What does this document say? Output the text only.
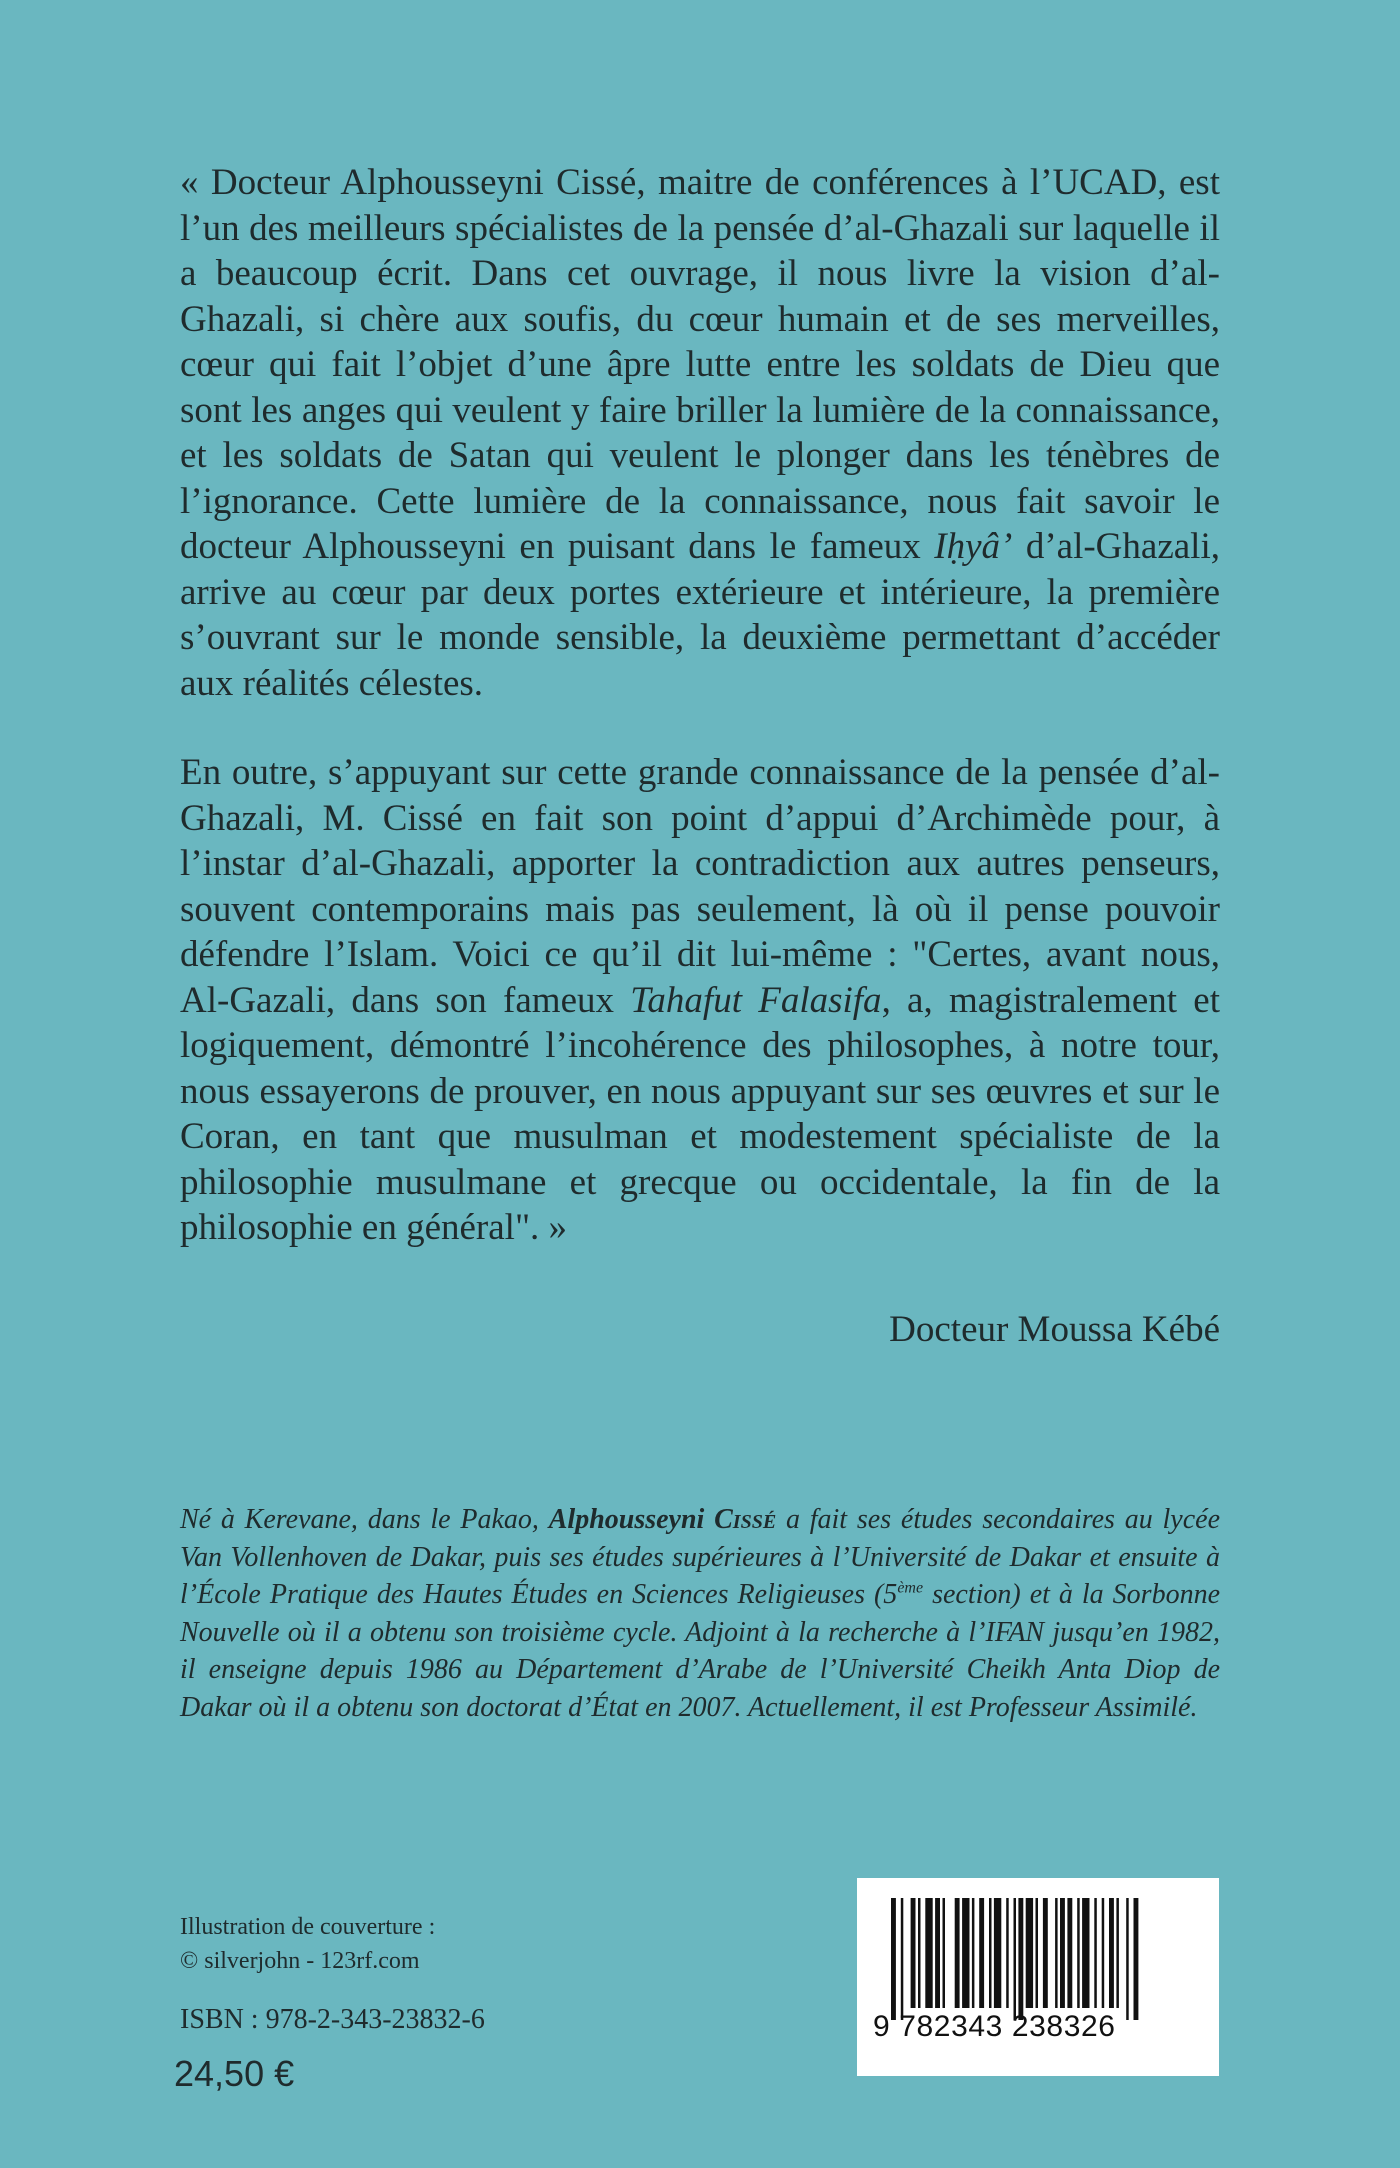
« Docteur Alphousseyni Cissé, maitre de conférences à l’UCAD, est l’un des meilleurs spécialistes de la pensée d’al-Ghazali sur laquelle il a beaucoup écrit. Dans cet ouvrage, il nous livre la vision d’al-Ghazali, si chère aux soufis, du cœur humain et de ses merveilles, cœur qui fait l’objet d’une âpre lutte entre les soldats de Dieu que sont les anges qui veulent y faire briller la lumière de la connaissance, et les soldats de Satan qui veulent le plonger dans les ténèbres de l’ignorance. Cette lumière de la connaissance, nous fait savoir le docteur Alphousseyni en puisant dans le fameux Iḥyâ’ d’al-Ghazali, arrive au cœur par deux portes extérieure et intérieure, la première s’ouvrant sur le monde sensible, la deuxième permettant d’accéder aux réalités célestes.

En outre, s’appuyant sur cette grande connaissance de la pensée d’al-Ghazali, M. Cissé en fait son point d’appui d’Archimède pour, à l’instar d’al-Ghazali, apporter la contradiction aux autres penseurs, souvent contemporains mais pas seulement, là où il pense pouvoir défendre l’Islam. Voici ce qu’il dit lui-même : "Certes, avant nous, Al-Gazali, dans son fameux Tahafut Falasifa, a, magistralement et logiquement, démontré l’incohérence des philosophes, à notre tour, nous essayerons de prouver, en nous appuyant sur ses œuvres et sur le Coran, en tant que musulman et modestement spécialiste de la philosophie musulmane et grecque ou occidentale, la fin de la philosophie en général". »

Docteur Moussa Kébé
Né à Kerevane, dans le Pakao, Alphousseyni Cissé a fait ses études secondaires au lycée Van Vollenhoven de Dakar, puis ses études supérieures à l’Université de Dakar et ensuite à l’École Pratique des Hautes Études en Sciences Religieuses (5ème section) et à la Sorbonne Nouvelle où il a obtenu son troisième cycle. Adjoint à la recherche à l’IFAN jusqu’en 1982, il enseigne depuis 1986 au Département d’Arabe de l’Université Cheikh Anta Diop de Dakar où il a obtenu son doctorat d’État en 2007. Actuellement, il est Professeur Assimilé.
Illustration de couverture :
© silverjohn - 123rf.com
ISBN : 978-2-343-23832-6
24,50 €
9 782343 238326
